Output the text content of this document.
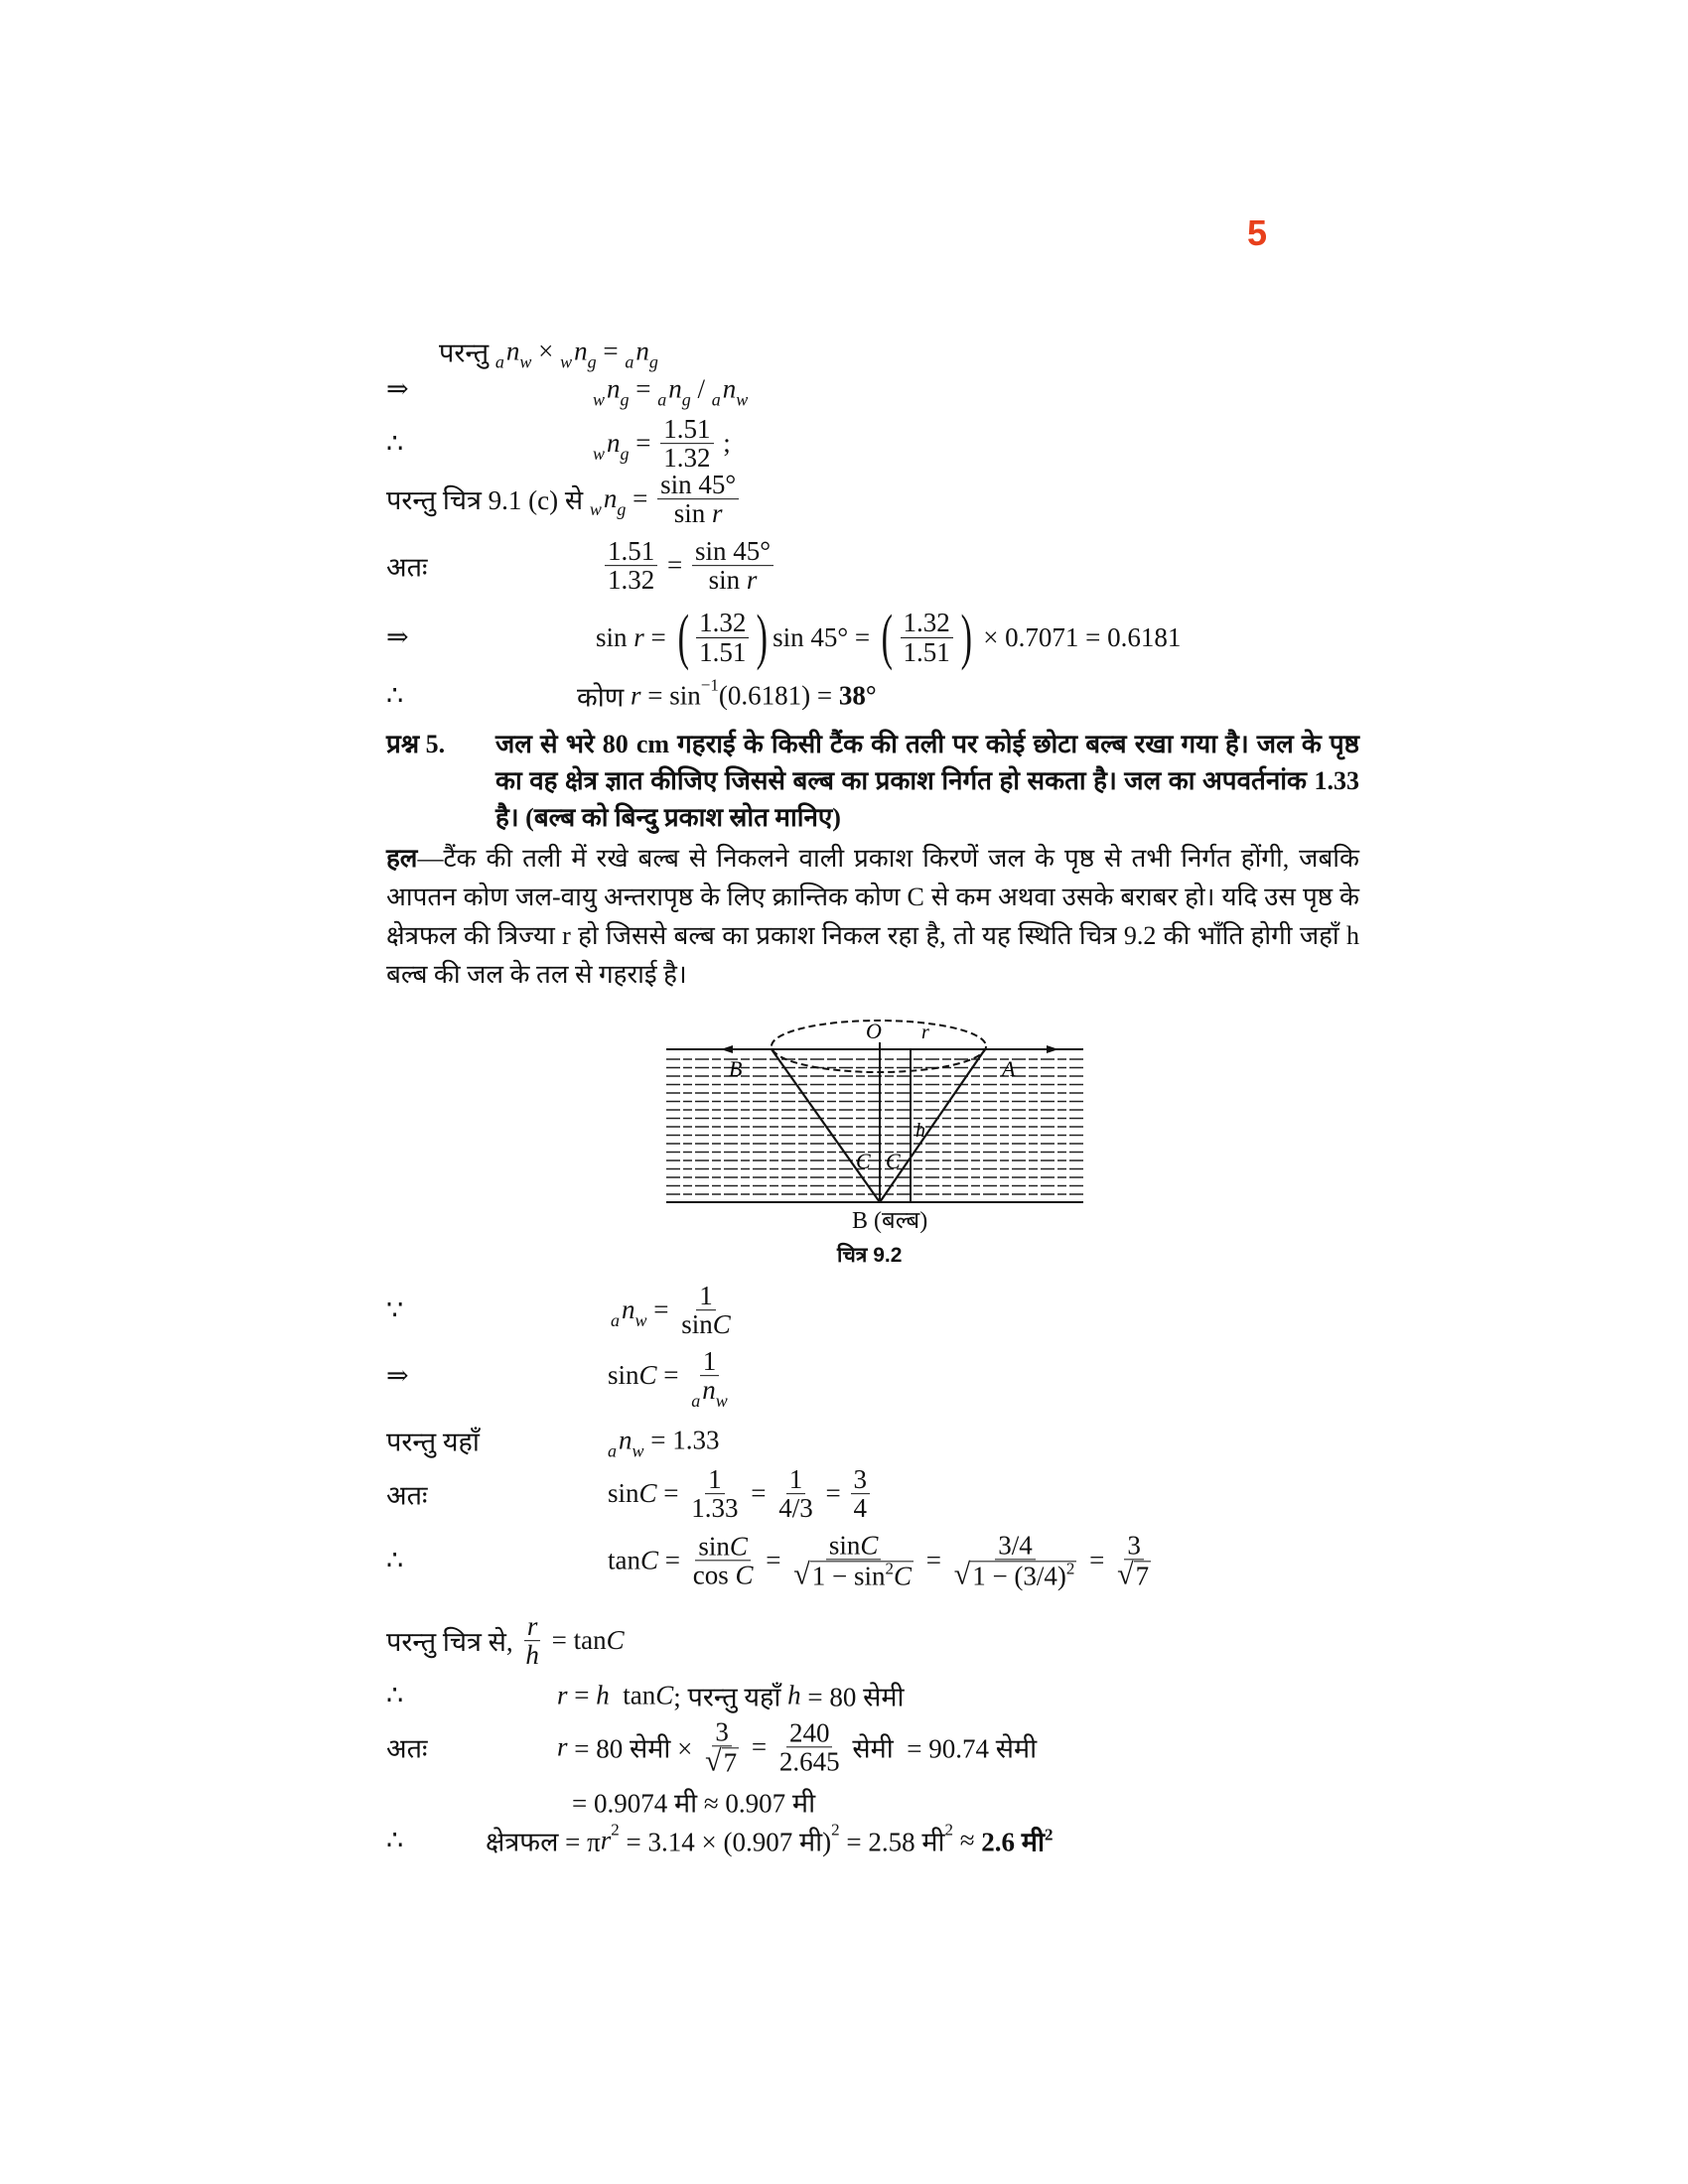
5
परन्तु $_an_w \times _wn_g = _an_g$
⇒	$_wn_g = _an_g / _an_w$
∴	$_wn_g = \frac{1.51}{1.32}$ ;
परन्तु चित्र 9.1 (c) से $_wn_g = \frac{\sin 45^\circ}{\text{sin r}}$
अतः	$\frac{1.51}{1.32} = \frac{\sin 45^\circ}{\text{sin r}}$
⇒	sin r = ( $\frac{1.32}{1.51}$ ) sin 45° = ( $\frac{1.32}{1.51}$ ) × 0.7071 = 0.6181
∴	कोण r = sin −1 (0.6181) = 38°
∵	$_an_w = \frac{1}{\sin C}$
⇒	$\sin C = \frac{1}{_an_w}$
परन्तु यहाँ	$_an_w = 1.33$
अतः	$\sin C = \frac{1}{1.33} = \frac{1}{4/3} = \frac{3}{4}$
∴	$\tan C = \frac{\sin C}{\text{cos C}} = \frac{\sin C}{√ 1 - \sin^2C} = \frac{3/4}{√ 1 - (3/4)^2} = \frac{3}{√ 7}$
परन्तु चित्र से, $\frac{r}{h} = \tan C$
∴	r = h tan C ; परन्तु यहाँ h = 80 सेमी
अतः	r = 80 सेमी × $\frac{3}{√ 7} = \frac{240}{2.645}$ सेमी  = 90.74 सेमी
= 0.9074 मी ≈ 0.907 मी
∴	क्षेत्रफल = π r 2 = 3.14 × (0.907 मी) 2 = 2.58 मी 2 ≈ 2.6 मी$^2$
प्रश्न 5.	जल से भरे 80 cm गहराई के किसी टैंक की तली पर कोई छोटा बल्ब रखा गया है। जल के पृष्ठ का वह क्षेत्र ज्ञात कीजिए जिससे बल्ब का प्रकाश निर्गत हो सकता है। जल का अपवर्तनांक 1.33 है। (बल्ब को बिन्दु प्रकाश स्रोत मानिए)
हल—टैंक की तली में रखे बल्ब से निकलने वाली प्रकाश किरणें जल के पृष्ठ से तभी निर्गत होंगी, जबकि आपतन कोण जल-वायु अन्तरापृष्ठ के लिए क्रान्तिक कोण C से कम अथवा उसके बराबर हो। यदि उस पृष्ठ के क्षेत्रफल की त्रिज्या r हो जिससे बल्ब का प्रकाश निकल रहा है, तो यह स्थिति चित्र 9.2 की भाँति होगी जहाँ h बल्ब की जल के तल से गहराई है।
O r
B	A
h
C C
B (बल्ब)
चित्र 9.2
